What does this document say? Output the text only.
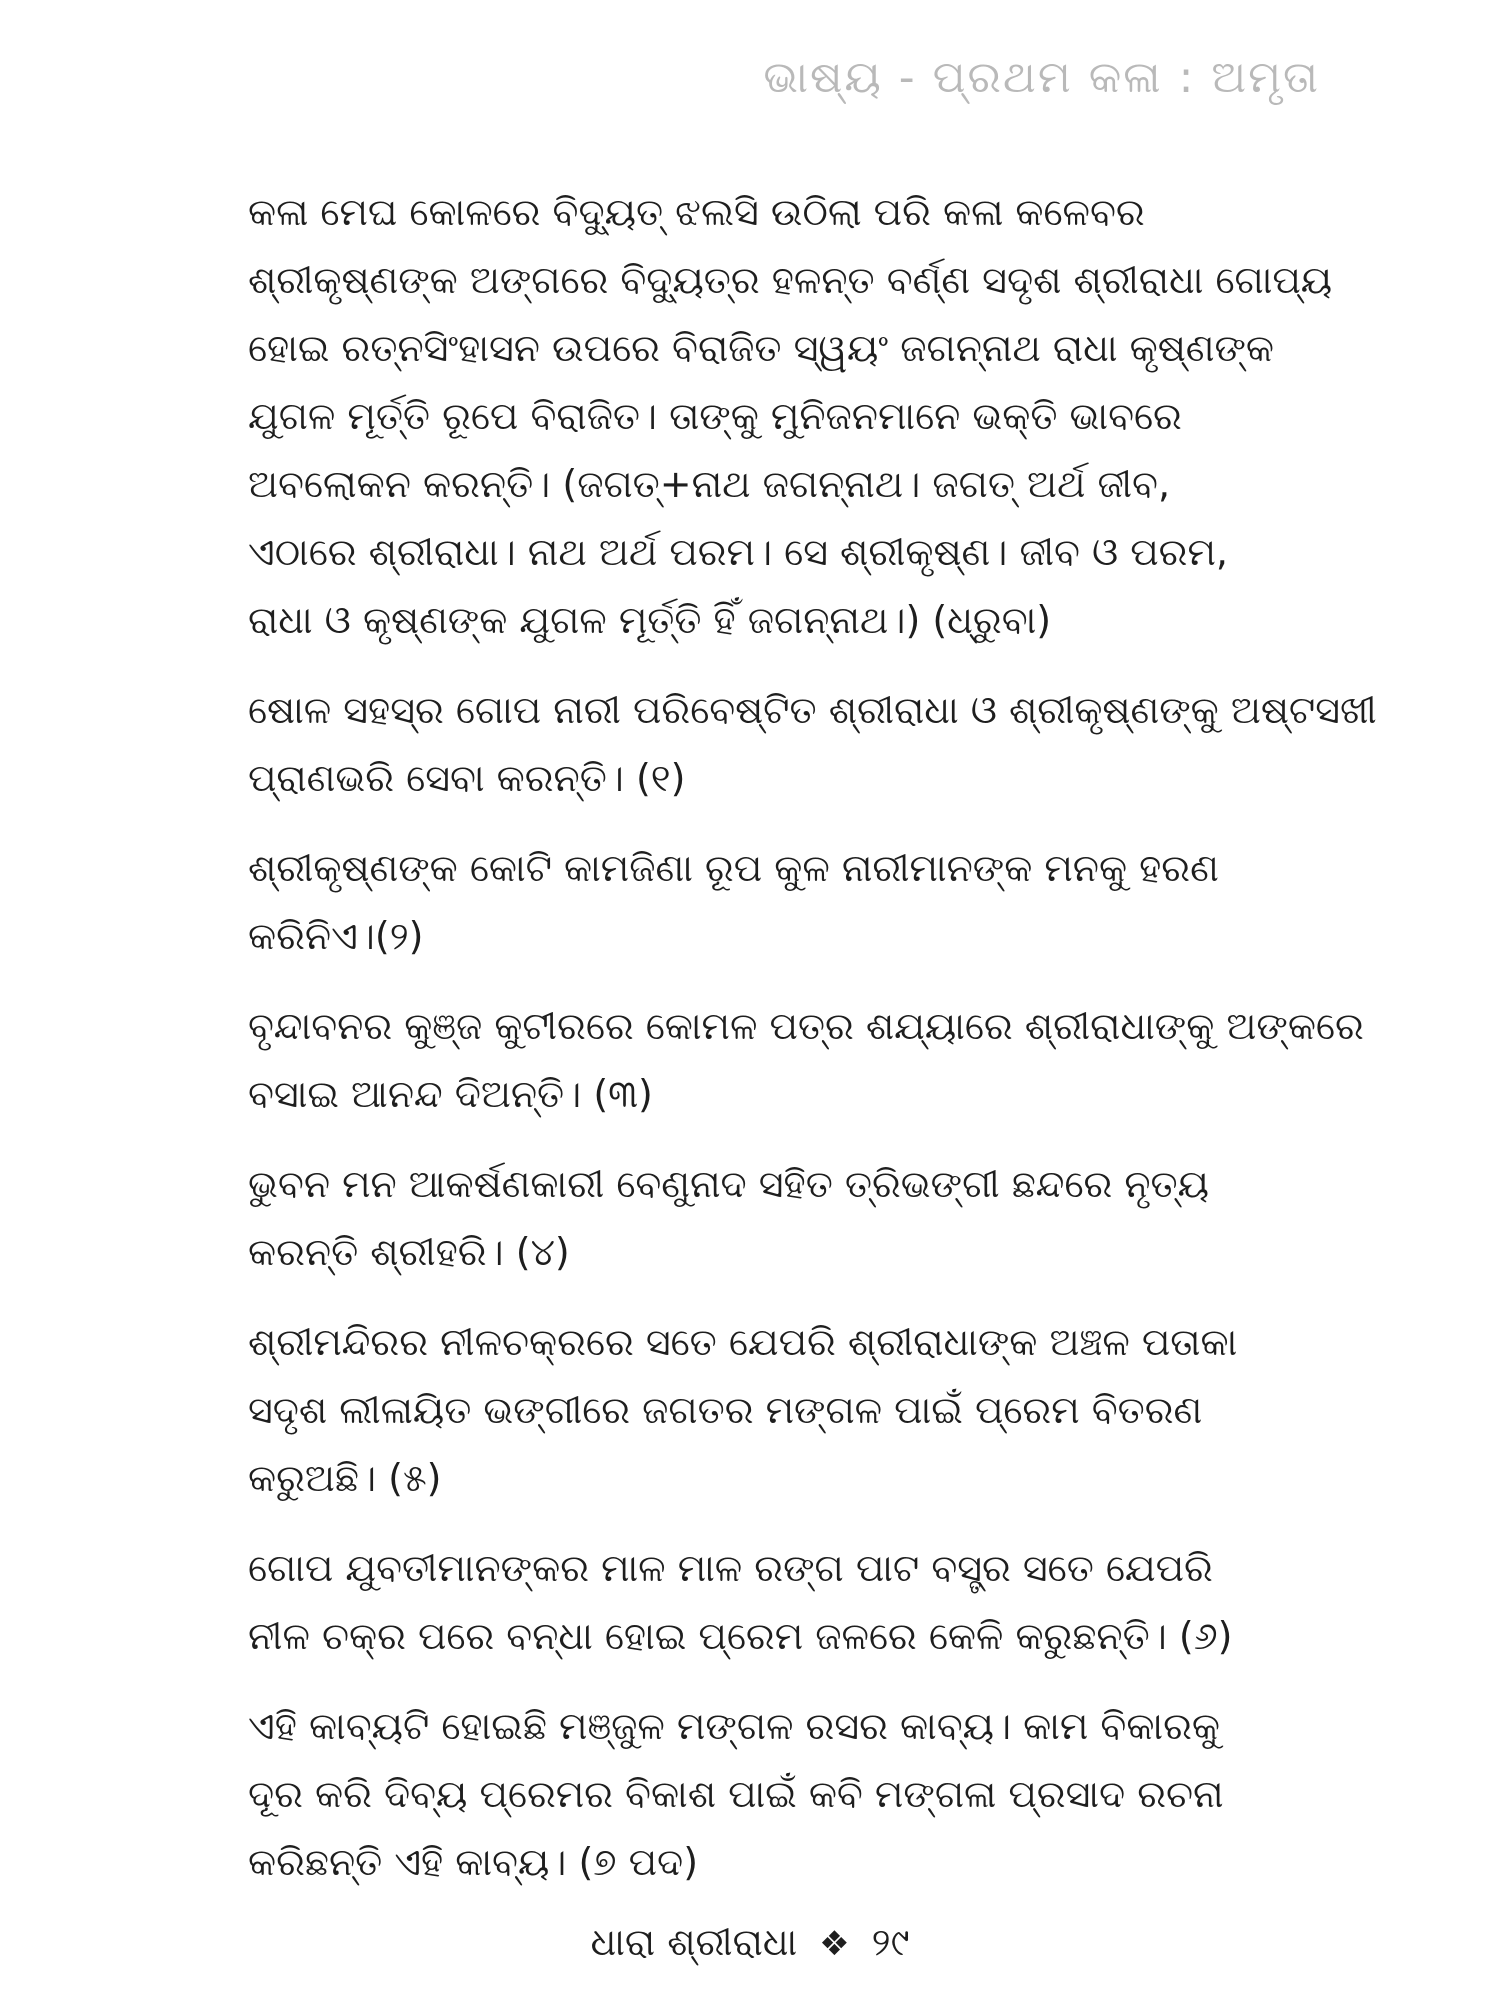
ଭାଷ୍ୟ - ପ୍ରଥମ କଳା : ଅମୃତା

କଳା ମେଘ କୋଳରେ ବିଦ୍ୟୁତ୍ ଝଲସି ଉଠିଲା ପରି କଳା କଳେବର
ଶ୍ରୀକୃଷ୍ଣଙ୍କ ଅଙ୍ଗରେ ବିଦ୍ୟୁତ୍‌ର ହଳନ୍ତ ବର୍ଣ୍ଣ ସଦୃଶ ଶ୍ରୀରାଧା ଗୋପ୍ୟ
ହୋଇ ରତ୍ନସିଂହାସନ ଉପରେ ବିରାଜିତ ସ୍ୱୟଂ ଜଗନ୍ନାଥ ରାଧା କୃଷ୍ଣଙ୍କ
ଯୁଗଳ ମୂର୍ତ୍ତି ରୂପେ ବିରାଜିତ। ତାଙ୍କୁ ମୁନିଜନମାନେ ଭକ୍ତି ଭାବରେ
ଅବଲୋକନ କରନ୍ତି। (ଜଗତ୍+ନାଥ ଜଗନ୍ନାଥ। ଜଗତ୍ ଅର୍ଥ ଜୀବ,
ଏଠାରେ ଶ୍ରୀରାଧା। ନାଥ ଅର୍ଥ ପରମ। ସେ ଶ୍ରୀକୃଷ୍ଣ। ଜୀବ ଓ ପରମ,
ରାଧା ଓ କୃଷ୍ଣଙ୍କ ଯୁଗଳ ମୂର୍ତ୍ତି ହିଁ ଜଗନ୍ନାଥ।) (ଧ୍ରୁବା)

ଷୋଳ ସହସ୍ର ଗୋପ ନାରୀ ପରିବେଷ୍ଟିତ ଶ୍ରୀରାଧା ଓ ଶ୍ରୀକୃଷ୍ଣଙ୍କୁ ଅଷ୍ଟସଖୀ
ପ୍ରାଣଭରି ସେବା କରନ୍ତି। (୧)

ଶ୍ରୀକୃଷ୍ଣଙ୍କ କୋଟି କାମଜିଣା ରୂପ କୁଳ ନାରୀମାନଙ୍କ ମନକୁ ହରଣ
କରିନିଏ।(୨)

ବୃନ୍ଦାବନର କୁଞ୍ଜ କୁଟୀରରେ କୋମଳ ପତ୍ର ଶଯ୍ୟାରେ ଶ୍ରୀରାଧାଙ୍କୁ ଅଙ୍କରେ
ବସାଇ ଆନନ୍ଦ ଦିଅନ୍ତି। (୩)

ଭୁବନ ମନ ଆକର୍ଷଣକାରୀ ବେଣୁନାଦ ସହିତ ତ୍ରିଭଙ୍ଗୀ ଛନ୍ଦରେ ନୃତ୍ୟ
କରନ୍ତି ଶ୍ରୀହରି। (୪)

ଶ୍ରୀମନ୍ଦିରର ନୀଳଚକ୍ରରେ ସତେ ଯେପରି ଶ୍ରୀରାଧାଙ୍କ ଅଞ୍ଚଳ ପତାକା
ସଦୃଶ ଲୀଳାୟିତ ଭଙ୍ଗୀରେ ଜଗତର ମଙ୍ଗଳ ପାଇଁ ପ୍ରେମ ବିତରଣ
କରୁଅଛି। (୫)

ଗୋପ ଯୁବତୀମାନଙ୍କର ମାଳ ମାଳ ରଙ୍ଗ ପାଟ ବସ୍ତ୍ର ସତେ ଯେପରି
ନୀଳ ଚକ୍ର ପରେ ବନ୍ଧା ହୋଇ ପ୍ରେମ ଜଳରେ କେଳି କରୁଛନ୍ତି। (୬)

ଏହି କାବ୍ୟଟି ହୋଇଛି ମଞ୍ଜୁଳ ମଙ୍ଗଳ ରସର କାବ୍ୟ। କାମ ବିକାରକୁ
ଦୂର କରି ଦିବ୍ୟ ପ୍ରେମର ବିକାଶ ପାଇଁ କବି ମଙ୍ଗଳା ପ୍ରସାଦ ରଚନା
କରିଛନ୍ତି ଏହି କାବ୍ୟ। (୭ ପଦ)

ଧାରା ଶ୍ରୀରାଧା ❖ ୨୯
